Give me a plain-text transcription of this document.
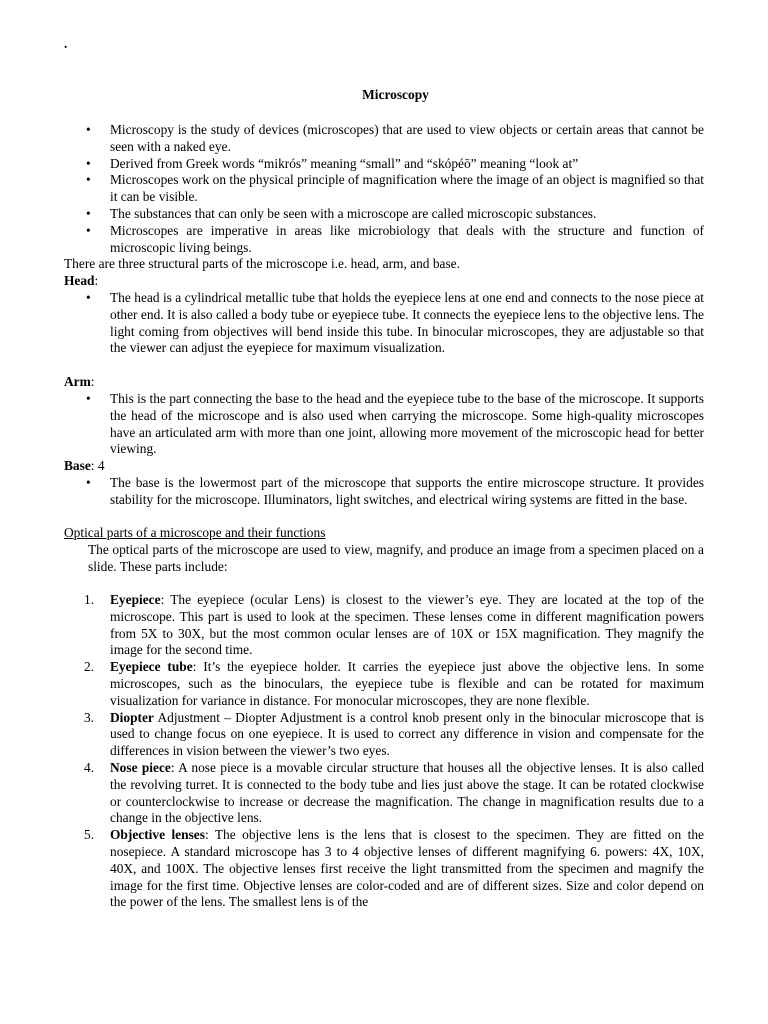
.
Microscopy
• Microscopy is the study of devices (microscopes) that are used to view objects or certain areas that cannot be seen with a naked eye.
• Derived from Greek words “mikrós” meaning “small” and “skópéō” meaning “look at”
• Microscopes work on the physical principle of magnification where the image of an object is magnified so that it can be visible.
• The substances that can only be seen with a microscope are called microscopic substances.
• Microscopes are imperative in areas like microbiology that deals with the structure and function of microscopic living beings.
There are three structural parts of the microscope i.e. head, arm, and base.
Head:
• The head is a cylindrical metallic tube that holds the eyepiece lens at one end and connects to the nose piece at other end. It is also called a body tube or eyepiece tube. It connects the eyepiece lens to the objective lens. The light coming from objectives will bend inside this tube. In binocular microscopes, they are adjustable so that the viewer can adjust the eyepiece for maximum visualization.
Arm:
• This is the part connecting the base to the head and the eyepiece tube to the base of the microscope. It supports the head of the microscope and is also used when carrying the microscope. Some high-quality microscopes have an articulated arm with more than one joint, allowing more movement of the microscopic head for better viewing.
Base: 4
• The base is the lowermost part of the microscope that supports the entire microscope structure. It provides stability for the microscope. Illuminators, light switches, and electrical wiring systems are fitted in the base.
Optical parts of a microscope and their functions
The optical parts of the microscope are used to view, magnify, and produce an image from a specimen placed on a slide. These parts include:
1. Eyepiece: The eyepiece (ocular Lens) is closest to the viewer’s eye. They are located at the top of the microscope. This part is used to look at the specimen. These lenses come in different magnification powers from 5X to 30X, but the most common ocular lenses are of 10X or 15X magnification. They magnify the image for the second time.
2. Eyepiece tube: It’s the eyepiece holder. It carries the eyepiece just above the objective lens. In some microscopes, such as the binoculars, the eyepiece tube is flexible and can be rotated for maximum visualization for variance in distance. For monocular microscopes, they are none flexible.
3. Diopter Adjustment – Diopter Adjustment is a control knob present only in the binocular microscope that is used to change focus on one eyepiece. It is used to correct any difference in vision and compensate for the differences in vision between the viewer’s two eyes.
4. Nose piece: A nose piece is a movable circular structure that houses all the objective lenses. It is also called the revolving turret. It is connected to the body tube and lies just above the stage. It can be rotated clockwise or counterclockwise to increase or decrease the magnification. The change in magnification results due to a change in the objective lens.
5. Objective lenses: The objective lens is the lens that is closest to the specimen. They are fitted on the nosepiece. A standard microscope has 3 to 4 objective lenses of different magnifying 6. powers: 4X, 10X, 40X, and 100X. The objective lenses first receive the light transmitted from the specimen and magnify the image for the first time. Objective lenses are color-coded and are of different sizes. Size and color depend on the power of the lens. The smallest lens is of the
